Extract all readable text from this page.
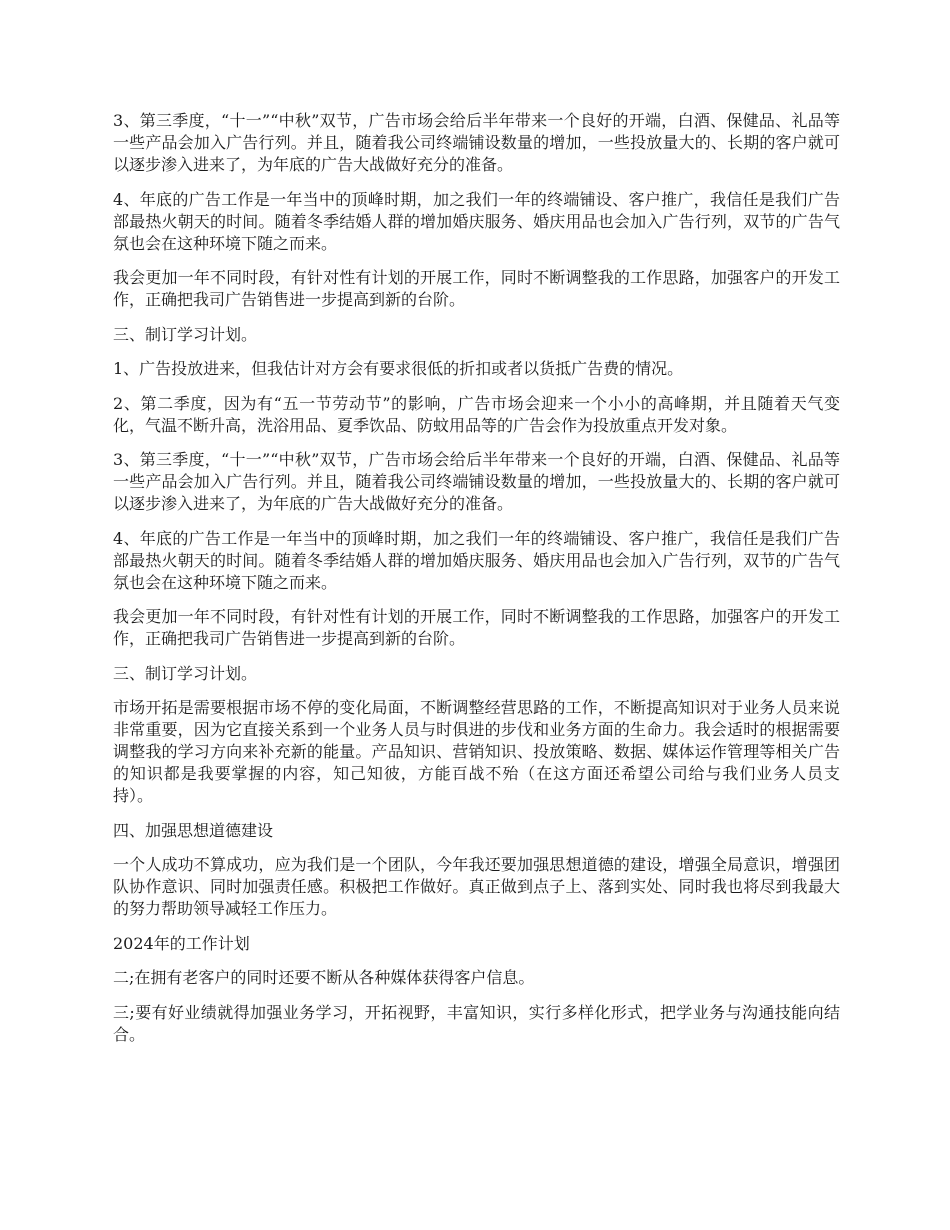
3、第三季度，“十一”“中秋”双节，广告市场会给后半年带来一个良好的开端，白酒、保健品、礼品等一些产品会加入广告行列。并且，随着我公司终端铺设数量的增加，一些投放量大的、长期的客户就可以逐步渗入进来了，为年底的广告大战做好充分的准备。

4、年底的广告工作是一年当中的顶峰时期，加之我们一年的终端铺设、客户推广，我信任是我们广告部最热火朝天的时间。随着冬季结婚人群的增加婚庆服务、婚庆用品也会加入广告行列，双节的广告气氛也会在这种环境下随之而来。

我会更加一年不同时段，有针对性有计划的开展工作，同时不断调整我的工作思路，加强客户的开发工作，正确把我司广告销售进一步提高到新的台阶。

三、制订学习计划。

1、广告投放进来，但我估计对方会有要求很低的折扣或者以货抵广告费的情况。

2、第二季度，因为有“五一节劳动节”的影响，广告市场会迎来一个小小的高峰期，并且随着天气变化，气温不断升高，洗浴用品、夏季饮品、防蚊用品等的广告会作为投放重点开发对象。

3、第三季度，“十一”“中秋”双节，广告市场会给后半年带来一个良好的开端，白酒、保健品、礼品等一些产品会加入广告行列。并且，随着我公司终端铺设数量的增加，一些投放量大的、长期的客户就可以逐步渗入进来了，为年底的广告大战做好充分的准备。

4、年底的广告工作是一年当中的顶峰时期，加之我们一年的终端铺设、客户推广，我信任是我们广告部最热火朝天的时间。随着冬季结婚人群的增加婚庆服务、婚庆用品也会加入广告行列，双节的广告气氛也会在这种环境下随之而来。

我会更加一年不同时段，有针对性有计划的开展工作，同时不断调整我的工作思路，加强客户的开发工作，正确把我司广告销售进一步提高到新的台阶。

三、制订学习计划。

市场开拓是需要根据市场不停的变化局面，不断调整经营思路的工作，不断提高知识对于业务人员来说非常重要，因为它直接关系到一个业务人员与时俱进的步伐和业务方面的生命力。我会适时的根据需要调整我的学习方向来补充新的能量。产品知识、营销知识、投放策略、数据、媒体运作管理等相关广告的知识都是我要掌握的内容，知己知彼，方能百战不殆（在这方面还希望公司给与我们业务人员支持）。

四、加强思想道德建设

一个人成功不算成功，应为我们是一个团队，今年我还要加强思想道德的建设，增强全局意识，增强团队协作意识、同时加强责任感。积极把工作做好。真正做到点子上、落到实处、同时我也将尽到我最大的努力帮助领导减轻工作压力。

2024年的工作计划

二;在拥有老客户的同时还要不断从各种媒体获得客户信息。

三;要有好业绩就得加强业务学习，开拓视野，丰富知识，实行多样化形式，把学业务与沟通技能向结合。
